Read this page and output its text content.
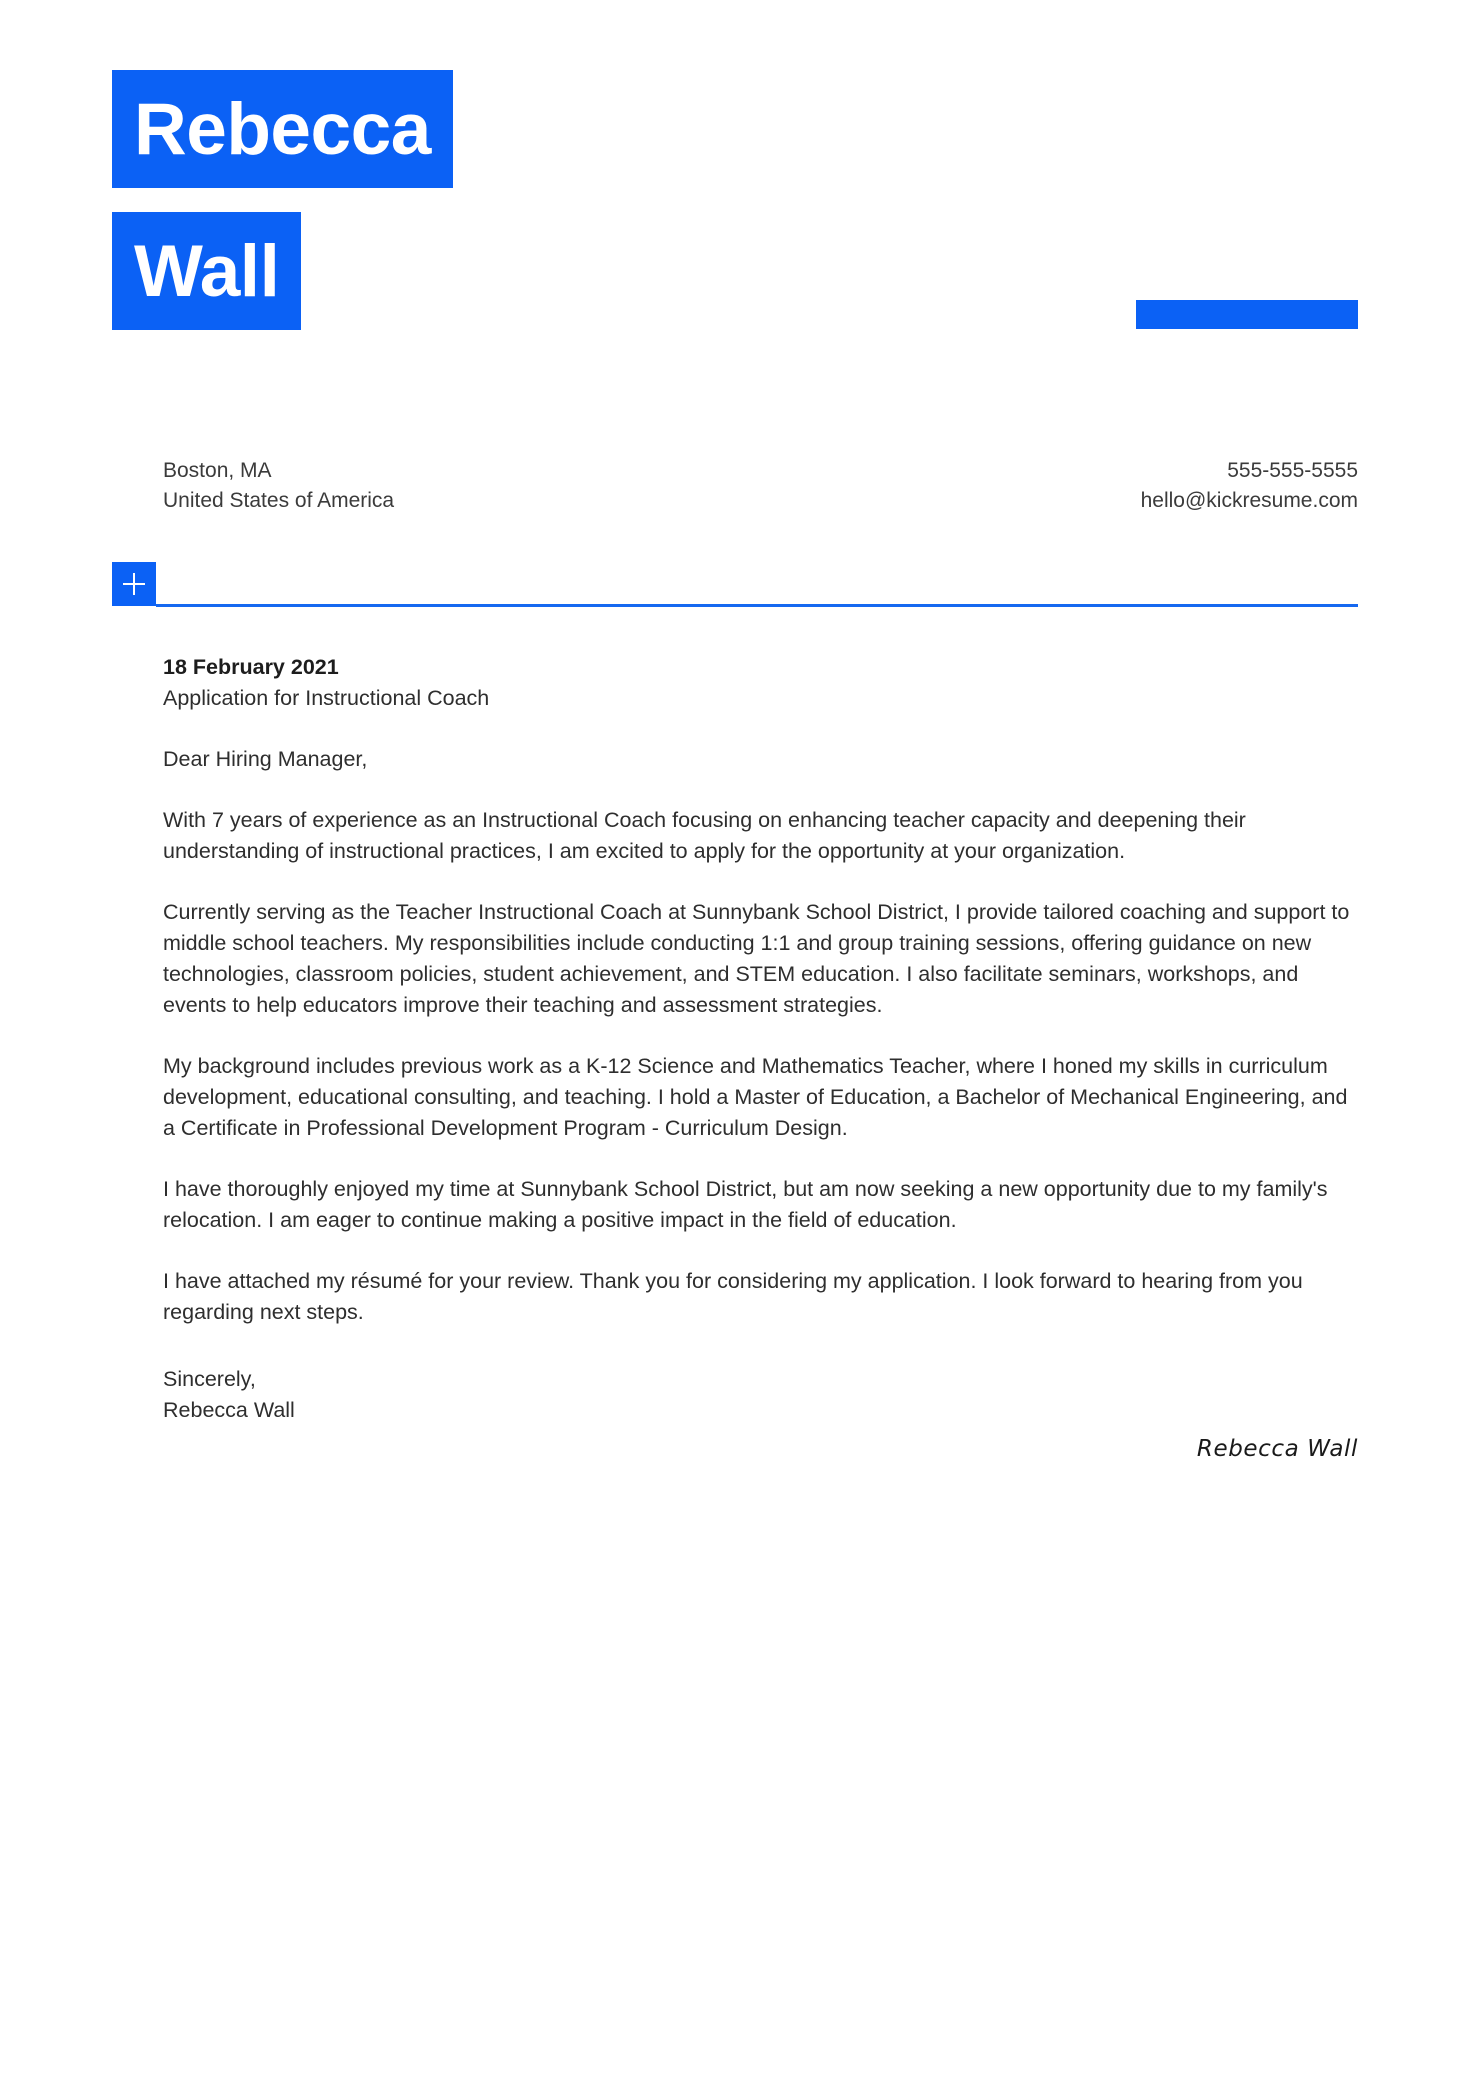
Rebecca
Wall
Boston, MA
United States of America
555-555-5555
hello@kickresume.com

18 February 2021

Application for Instructional Coach

Dear Hiring Manager,

With 7 years of experience as an Instructional Coach focusing on enhancing teacher capacity and deepening their understanding of instructional practices, I am excited to apply for the opportunity at your organization.

Currently serving as the Teacher Instructional Coach at Sunnybank School District, I provide tailored coaching and support to middle school teachers. My responsibilities include conducting 1:1 and group training sessions, offering guidance on new technologies, classroom policies, student achievement, and STEM education. I also facilitate seminars, workshops, and events to help educators improve their teaching and assessment strategies.

My background includes previous work as a K-12 Science and Mathematics Teacher, where I honed my skills in curriculum development, educational consulting, and teaching. I hold a Master of Education, a Bachelor of Mechanical Engineering, and a Certificate in Professional Development Program - Curriculum Design.

I have thoroughly enjoyed my time at Sunnybank School District, but am now seeking a new opportunity due to my family's relocation. I am eager to continue making a positive impact in the field of education.

I have attached my résumé for your review. Thank you for considering my application. I look forward to hearing from you regarding next steps.

Sincerely,
Rebecca Wall

Rebecca Wall
